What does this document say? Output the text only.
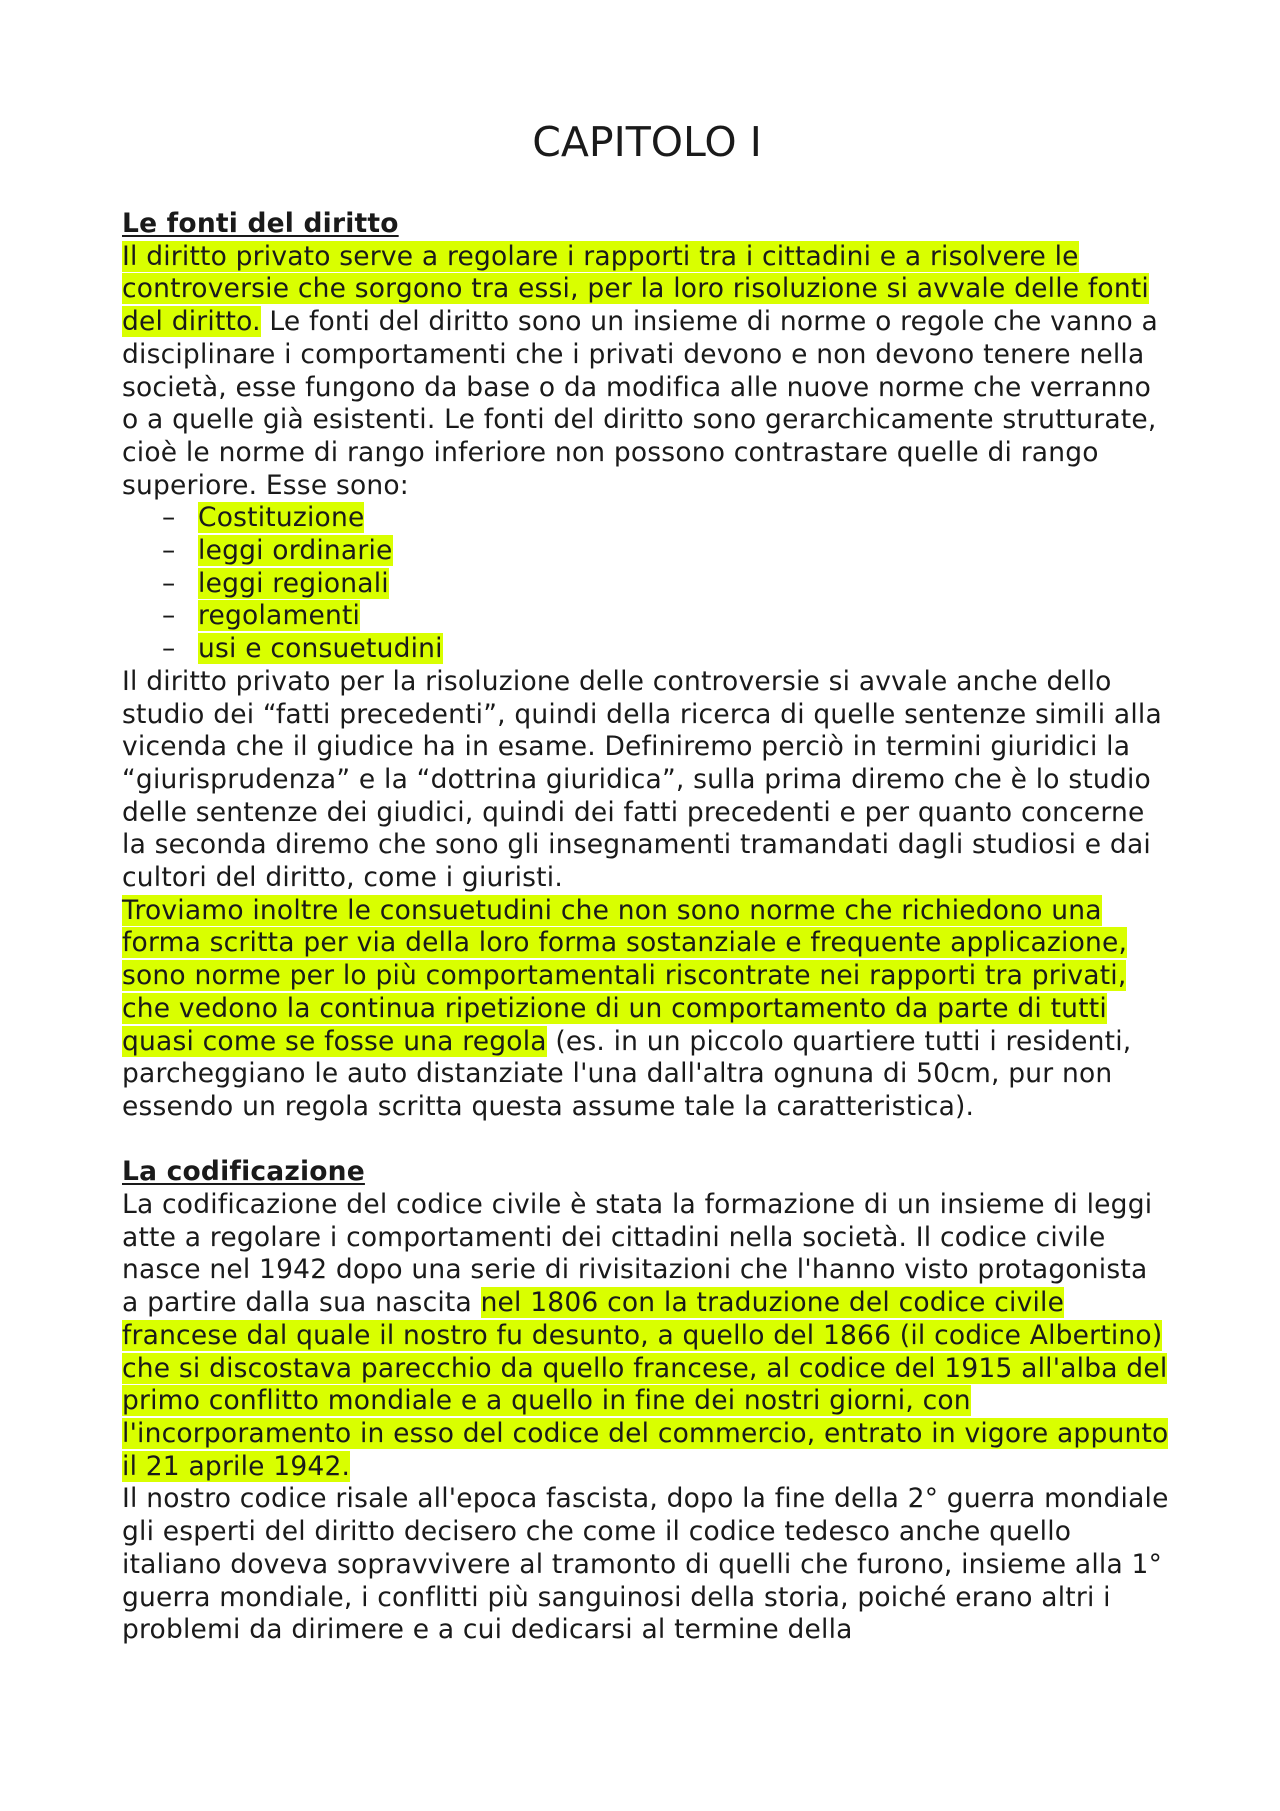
CAPITOLO I
Le fonti del diritto

Il diritto privato serve a regolare i rapporti tra i cittadini e a risolvere le controversie che sorgono tra essi, per la loro risoluzione si avvale delle fonti del diritto. Le fonti del diritto sono un insieme di norme o regole che vanno a disciplinare i comportamenti che i privati devono e non devono tenere nella società, esse fungono da base o da modifica alle nuove norme che verranno o a quelle già esistenti. Le fonti del diritto sono gerarchicamente strutturate, cioè le norme di rango inferiore non possono contrastare quelle di rango superiore. Esse sono:

– Costituzione
– leggi ordinarie
– leggi regionali
– regolamenti
– usi e consuetudini

Il diritto privato per la risoluzione delle controversie si avvale anche dello studio dei “fatti precedenti”, quindi della ricerca di quelle sentenze simili alla vicenda che il giudice ha in esame. Definiremo perciò in termini giuridici la “giurisprudenza” e la “dottrina giuridica”, sulla prima diremo che è lo studio delle sentenze dei giudici, quindi dei fatti precedenti e per quanto concerne la seconda diremo che sono gli insegnamenti tramandati dagli studiosi e dai cultori del diritto, come i giuristi.

Troviamo inoltre le consuetudini che non sono norme che richiedono una forma scritta per via della loro forma sostanziale e frequente applicazione, sono norme per lo più comportamentali riscontrate nei rapporti tra privati, che vedono la continua ripetizione di un comportamento da parte di tutti quasi come se fosse una regola (es. in un piccolo quartiere tutti i residenti, parcheggiano le auto distanziate l'una dall'altra ognuna di 50cm, pur non essendo un regola scritta questa assume tale la caratteristica).

La codificazione

La codificazione del codice civile è stata la formazione di un insieme di leggi atte a regolare i comportamenti dei cittadini nella società. Il codice civile nasce nel 1942 dopo una serie di rivisitazioni che l'hanno visto protagonista a partire dalla sua nascita nel 1806 con la traduzione del codice civile francese dal quale il nostro fu desunto, a quello del 1866 (il codice Albertino) che si discostava parecchio da quello francese, al codice del 1915 all'alba del primo conflitto mondiale e a quello in fine dei nostri giorni, con l'incorporamento in esso del codice del commercio, entrato in vigore appunto il 21 aprile 1942.

Il nostro codice risale all'epoca fascista, dopo la fine della 2° guerra mondiale gli esperti del diritto decisero che come il codice tedesco anche quello italiano doveva sopravvivere al tramonto di quelli che furono, insieme alla 1° guerra mondiale, i conflitti più sanguinosi della storia, poiché erano altri i problemi da dirimere e a cui dedicarsi al termine della
